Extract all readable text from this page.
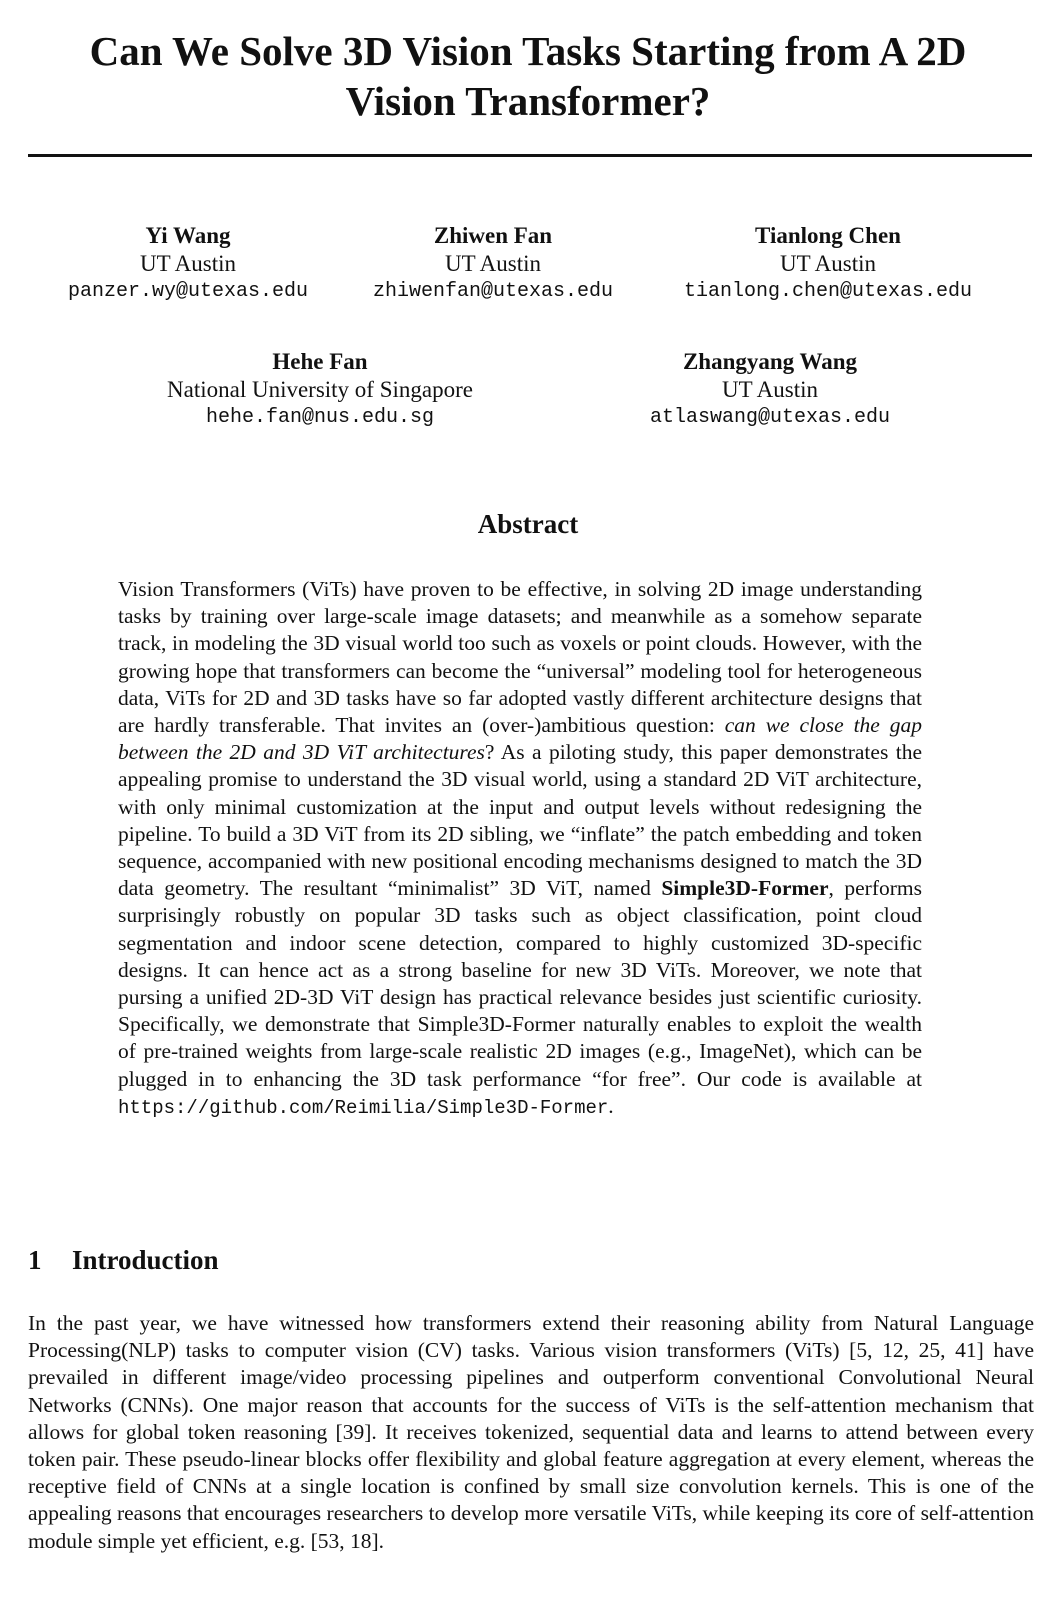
Can We Solve 3D Vision Tasks Starting from A 2D
Vision Transformer?
Yi Wang
UT Austin
panzer.wy@utexas.edu
Zhiwen Fan
UT Austin
zhiwenfan@utexas.edu
Tianlong Chen
UT Austin
tianlong.chen@utexas.edu
Hehe Fan
National University of Singapore
hehe.fan@nus.edu.sg
Zhangyang Wang
UT Austin
atlaswang@utexas.edu
Abstract

Vision Transformers (ViTs) have proven to be effective, in solving 2D image understanding tasks by training over large-scale image datasets; and meanwhile as a somehow separate track, in modeling the 3D visual world too such as voxels or point clouds. However, with the growing hope that transformers can become the “universal” modeling tool for heterogeneous data, ViTs for 2D and 3D tasks have so far adopted vastly different architecture designs that are hardly transferable. That invites an (over-)ambitious question: can we close the gap between the 2D and 3D ViT architectures? As a piloting study, this paper demonstrates the appealing promise to understand the 3D visual world, using a standard 2D ViT architecture, with only minimal customization at the input and output levels without redesigning the pipeline. To build a 3D ViT from its 2D sibling, we “inflate” the patch embedding and token sequence, accompanied with new positional encoding mechanisms designed to match the 3D data geometry. The resultant “minimalist” 3D ViT, named Simple3D-Former, performs surprisingly robustly on popular 3D tasks such as object classification, point cloud segmentation and indoor scene detection, compared to highly customized 3D-specific designs. It can hence act as a strong baseline for new 3D ViTs. Moreover, we note that pursing a unified 2D-3D ViT design has practical relevance besides just scientific curiosity. Specifically, we demonstrate that Simple3D-Former naturally enables to exploit the wealth of pre-trained weights from large-scale realistic 2D images (e.g., ImageNet), which can be plugged in to enhancing the 3D task performance “for free”. Our code is available at https://github.com/Reimilia/Simple3D-Former.

1 Introduction

In the past year, we have witnessed how transformers extend their reasoning ability from Natural Language Processing(NLP) tasks to computer vision (CV) tasks. Various vision transformers (ViTs) [5, 12, 25, 41] have prevailed in different image/video processing pipelines and outperform conventional Convolutional Neural Networks (CNNs). One major reason that accounts for the success of ViTs is the self-attention mechanism that allows for global token reasoning [39]. It receives tokenized, sequential data and learns to attend between every token pair. These pseudo-linear blocks offer flexibility and global feature aggregation at every element, whereas the receptive field of CNNs at a single location is confined by small size convolution kernels. This is one of the appealing reasons that encourages researchers to develop more versatile ViTs, while keeping its core of self-attention module simple yet efficient, e.g. [53, 18].
